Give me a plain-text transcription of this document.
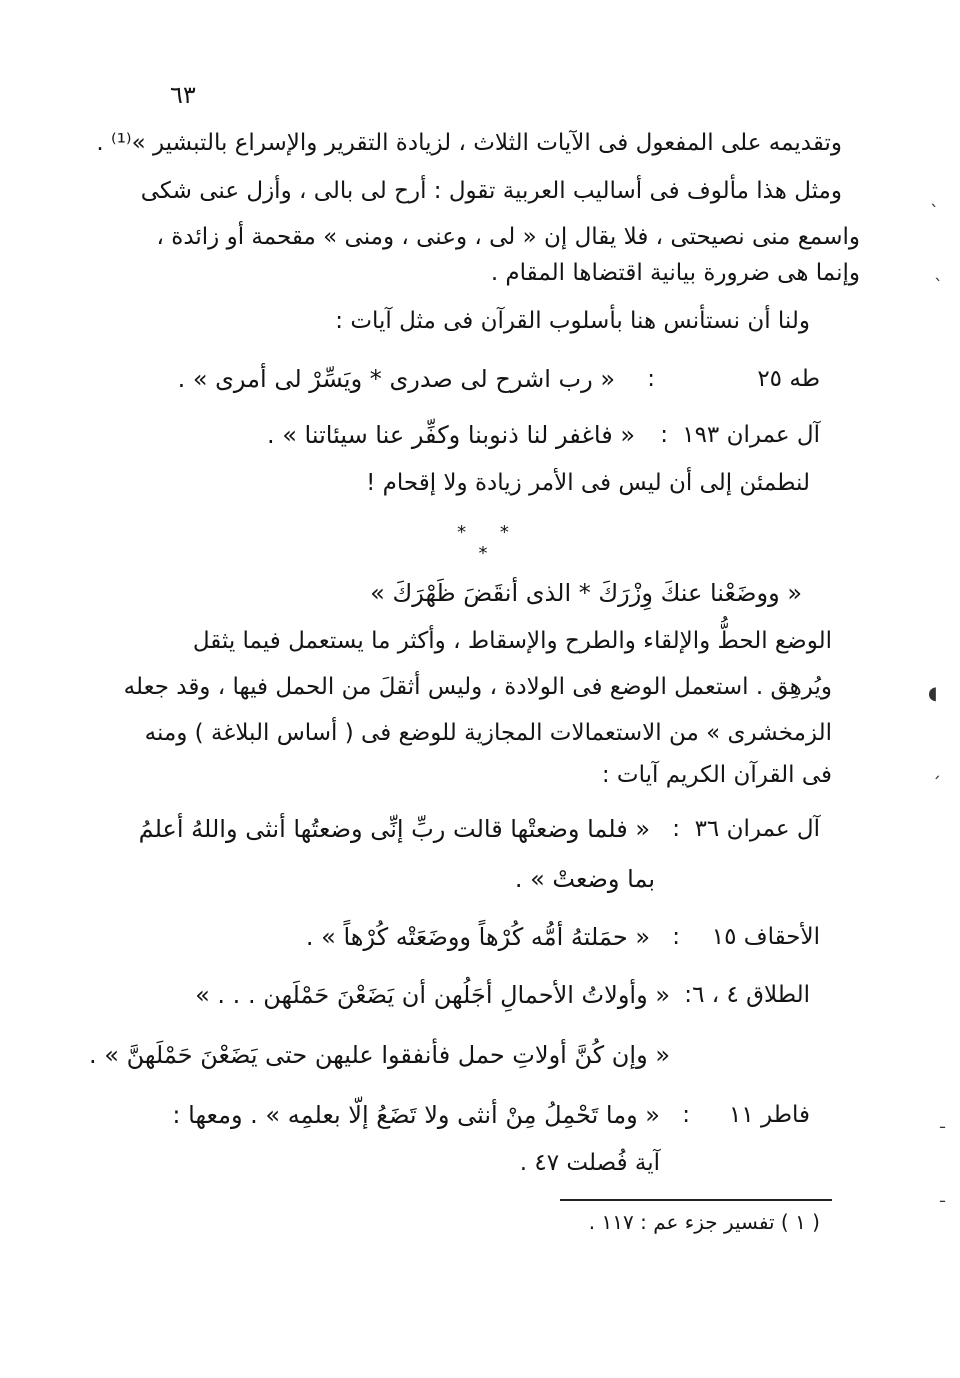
٦٣
وتقديمه على المفعول فى الآيات الثلاث ، لزيادة التقرير والإسراع بالتبشير »⁽¹⁾ .
ومثل هذا مألوف فى أساليب العربية تقول : أرح لى بالى ، وأزل عنى شكى
واسمع منى نصيحتى ، فلا يقال إن « لى ، وعنى ، ومنى » مقحمة أو زائدة ،
وإنما هى ضرورة بيانية اقتضاها المقام .
ولنا أن نستأنس هنا بأسلوب القرآن فى مثل آيات :
طه ٢٥
:
« رب اشرح لى صدرى * ويَسِّرْ لى أمرى » .
آل عمران ١٩٣
:
« فاغفر لنا ذنوبنا وكفِّر عنا سيئاتنا » .
لنطمئن إلى أن ليس فى الأمر زيادة ولا إقحام !
* * *
« ووضَعْنا عنكَ وِزْرَكَ * الذى أنقَضَ ظَهْرَكَ »
الوضع الحطُّ والإلقاء والطرح والإسقاط ، وأكثر ما يستعمل فيما يثقل
ويُرهِق . استعمل الوضع فى الولادة ، وليس أثقلَ من الحمل فيها ، وقد جعله
الزمخشرى » من الاستعمالات المجازية للوضع فى ( أساس البلاغة ) ومنه
فى القرآن الكريم آيات :
آل عمران ٣٦
:
« فلما وضعتْها قالت ربِّ إنِّى وضعتُها أنثى واللهُ أعلمُ
بما وضعتْ » .
الأحقاف ١٥
:
« حمَلتهُ أمُّه كُرْهاً ووضَعَتْه كُرْهاً » .
الطلاق ٤ ، ٦
:
« وأولاتُ الأحمالِ أجَلُهن أن يَضَعْنَ حَمْلَهن . . . »
« وإن كُنَّ أولاتِ حمل فأنفقوا عليهن حتى يَضَعْنَ حَمْلَهنَّ » .
فاطر ١١
:
« وما تَحْمِلُ مِنْ أنثى ولا تَضَعُ إلّا بعلمِه » . ومعها :
آية فُصلت ٤٧ .
( ١ ) تفسير جزء عم : ١١٧ .
ˎ
ˎ
◖
ˏ
ˍ
ˍ
